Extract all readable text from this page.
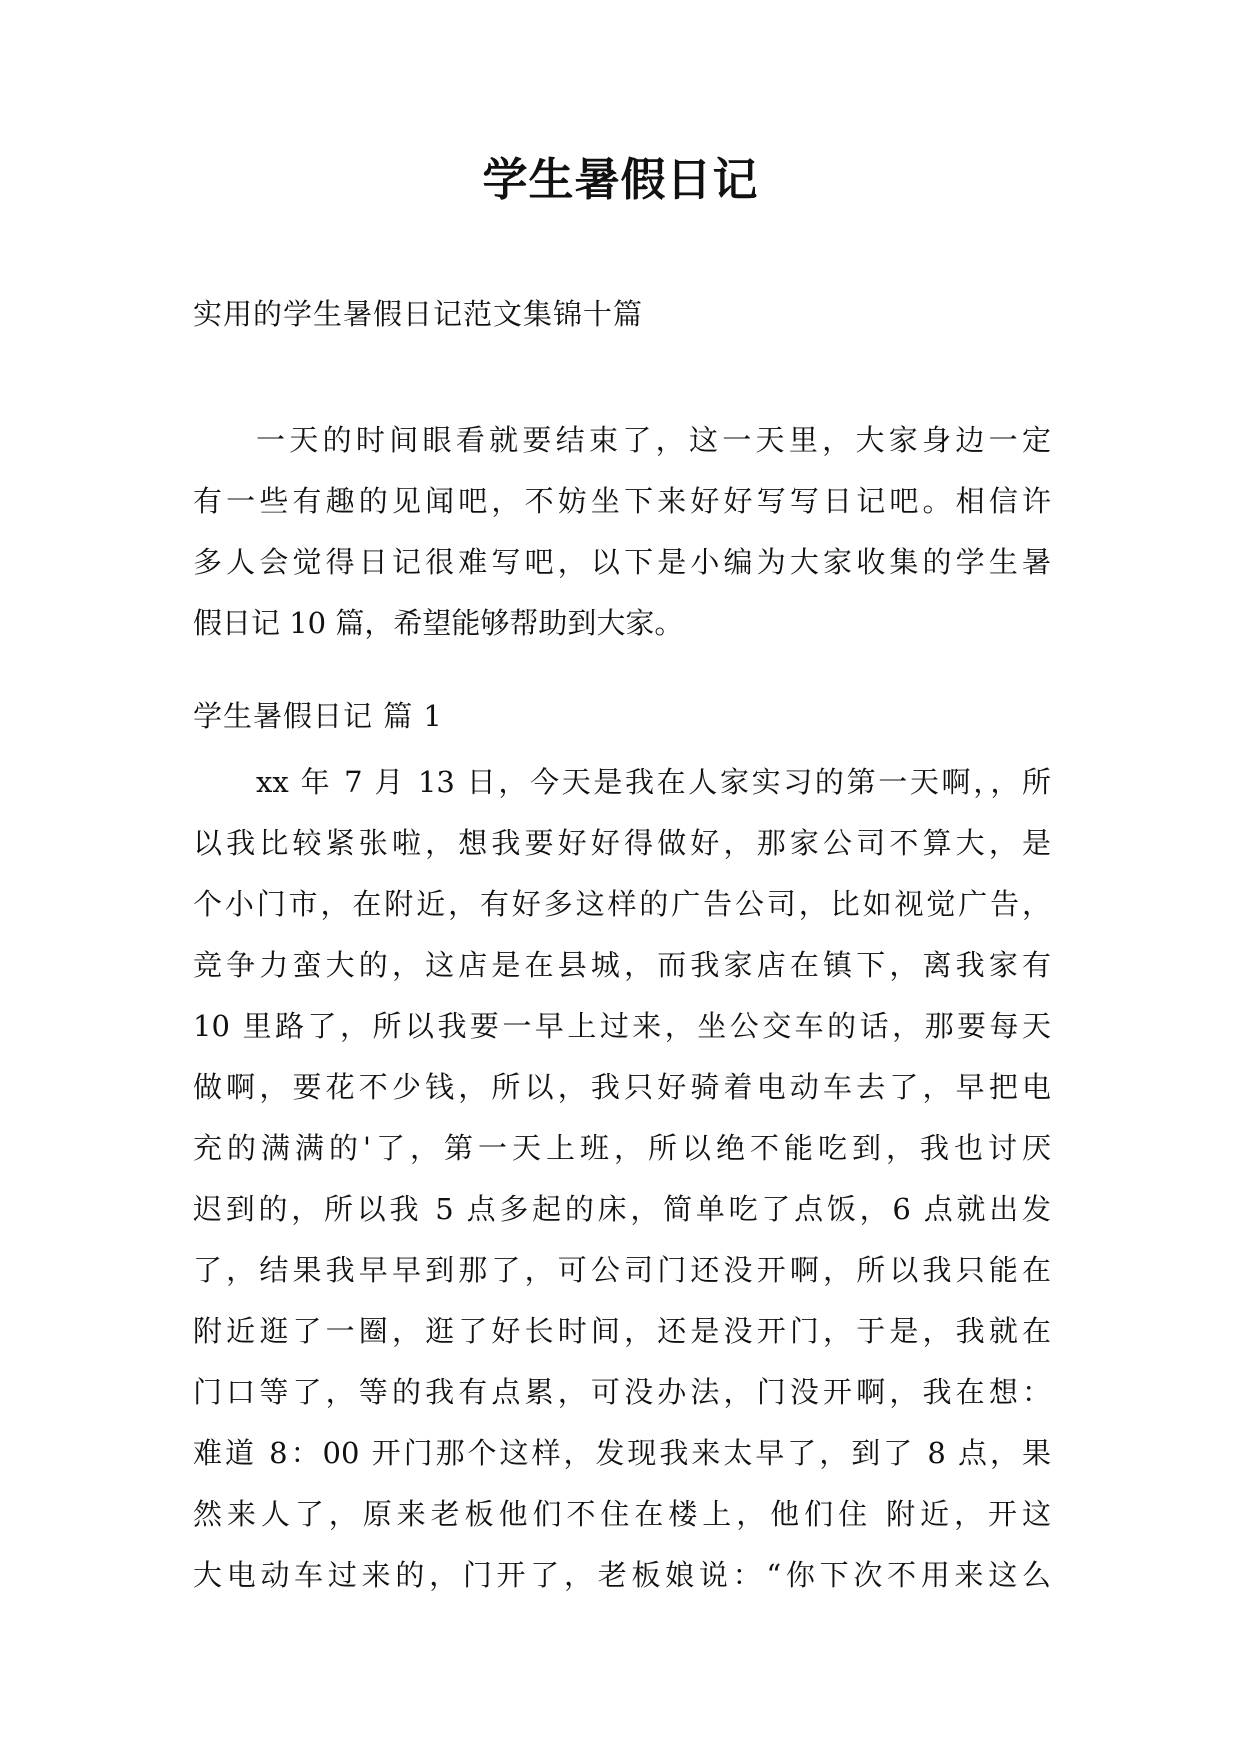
学生暑假日记

实用的学生暑假日记范文集锦十篇

一天的时间眼看就要结束了，这一天里，大家身边一定
有一些有趣的见闻吧，不妨坐下来好好写写日记吧。相信许
多人会觉得日记很难写吧，以下是小编为大家收集的学生暑
假日记 10 篇，希望能够帮助到大家。

学生暑假日记 篇 1

xx 年 7 月 13 日，今天是我在人家实习的第一天啊，，所
以我比较紧张啦，想我要好好得做好，那家公司不算大，是
个小门市，在附近，有好多这样的广告公司，比如视觉广告，
竞争力蛮大的，这店是在县城，而我家店在镇下，离我家有
10 里路了，所以我要一早上过来，坐公交车的话，那要每天
做啊，要花不少钱，所以，我只好骑着电动车去了，早把电
充的满满的'了，第一天上班，所以绝不能吃到，我也讨厌
迟到的，所以我 5 点多起的床，简单吃了点饭，6 点就出发
了，结果我早早到那了，可公司门还没开啊，所以我只能在
附近逛了一圈，逛了好长时间，还是没开门，于是，我就在
门口等了，等的我有点累，可没办法，门没开啊，我在想：
难道 8：00 开门那个这样，发现我来太早了，到了 8 点，果
然来人了，原来老板他们不住在楼上，他们住 附近，开这
大电动车过来的，门开了，老板娘说：“你下次不用来这么
